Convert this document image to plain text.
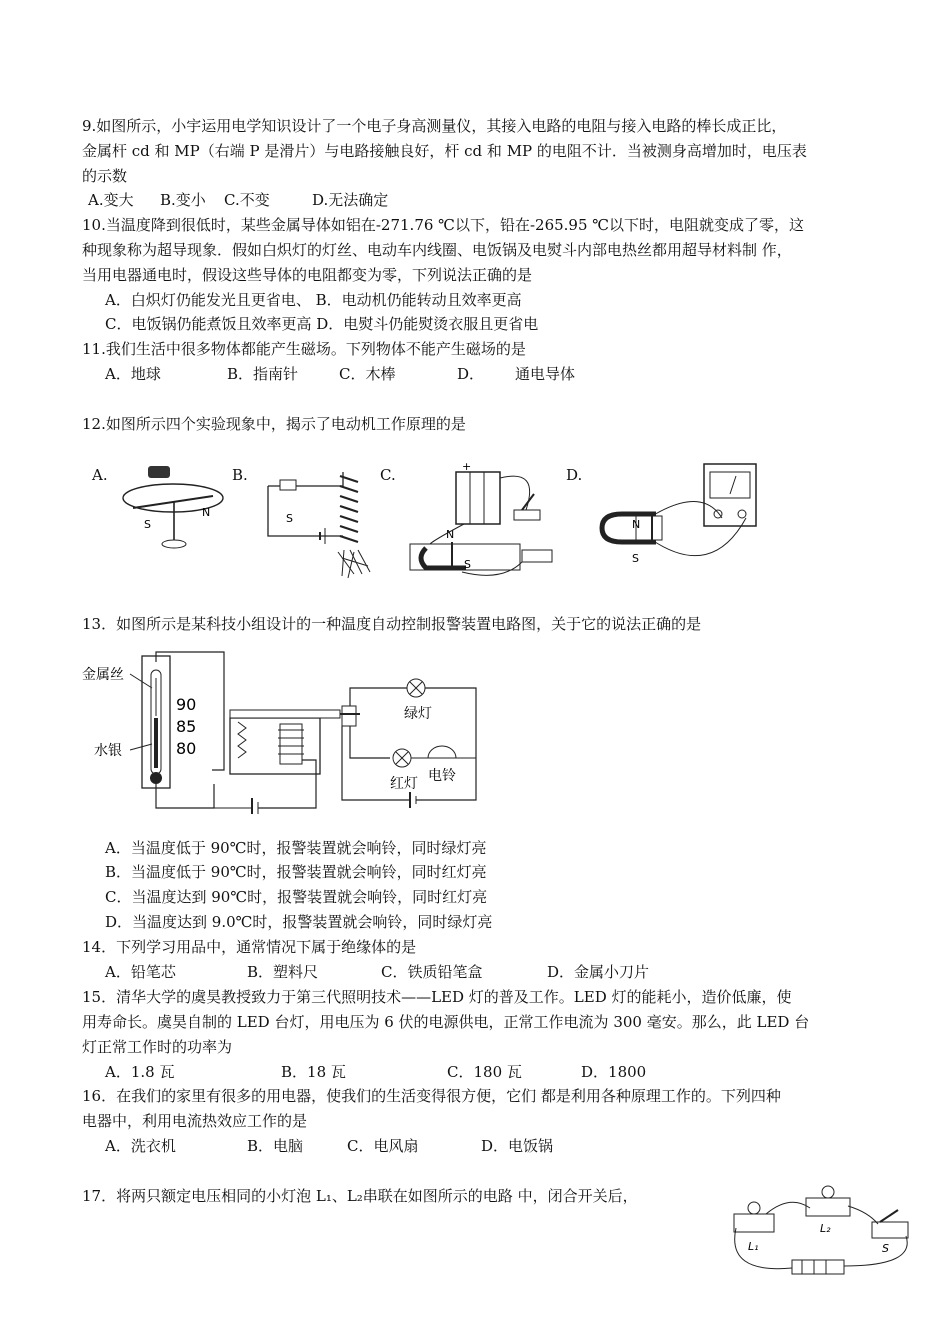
9.如图所示，小宇运用电学知识设计了一个电子身高测量仪，其接入电路的电阻与接入电路的棒长成正比，
金属杆 cd 和 MP（右端 P 是滑片）与电路接触良好，杆 cd 和 MP 的电阻不计．当被测身高增加时，电压表
的示数
A.变大 B.变小 C.不变	D.无法确定
10.当温度降到很低时，某些金属导体如铝在-271.76 ℃以下，铅在-265.95 ℃以下时，电阻就变成了零，这
种现象称为超导现象．假如白炽灯的灯丝、电动车内线圈、电饭锅及电熨斗内部电热丝都用超导材料制 作，
当用电器通电时，假设这些导体的电阻都变为零，下列说法正确的是
A．白炽灯仍能发光且更省电、 B．电动机仍能转动且效率更高
C．电饭锅仍能煮饭且效率更高 D．电熨斗仍能熨烫衣服且更省电
11.我们生活中很多物体都能产生磁场。下列物体不能产生磁场的是
A．地球	B．指南针	C．木棒	D． 通电导体
12.如图所示四个实验现象中，揭示了电动机工作原理的是
A.	B.	C.	D.
S
N	S
+
N
S
N
S
13．如图所示是某科技小组设计的一种温度自动控制报警装置电路图，关于它的说法正确的是
金属丝
水银
90
85
80
绿灯
红灯 电铃
A．当温度低于 90℃时，报警装置就会响铃，同时绿灯亮
B．当温度低于 90℃时，报警装置就会响铃，同时红灯亮
C．当温度达到 90℃时，报警装置就会响铃，同时红灯亮
D．当温度达到 9.0℃时，报警装置就会响铃，同时绿灯亮
14．下列学习用品中，通常情况下属于绝缘体的是
A．铅笔芯	B．塑料尺	C．铁质铅笔盒	D．金属小刀片
15．清华大学的虞昊教授致力于第三代照明技术——LED 灯的普及工作。LED 灯的能耗小，造价低廉，使
用寿命长。虞昊自制的 LED 台灯，用电压为 6 伏的电源供电，正常工作电流为 300 毫安。那么，此 LED 台
灯正常工作时的功率为
A．1.8 瓦	B．18 瓦	C．180 瓦	D．1800
16．在我们的家里有很多的用电器，使我们的生活变得很方便，它们 都是利用各种原理工作的。下列四种
电器中，利用电流热效应工作的是
A．洗衣机	B．电脑	C．电风扇	D．电饭锅
17．将两只额定电压相同的小灯泡 L₁、L₂串联在如图所示的电路 中，闭合开关后，
L₁
L₂
S
